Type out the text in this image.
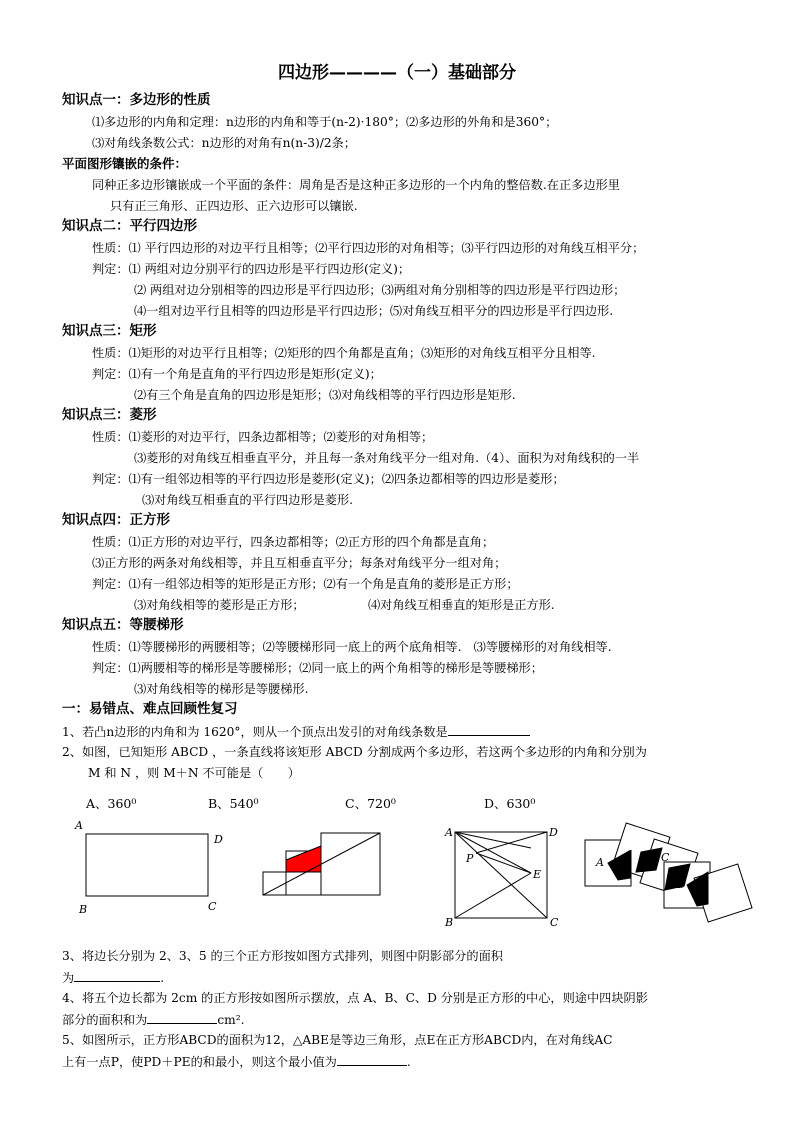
四边形————（一）基础部分
知识点一：多边形的性质
⑴多边形的内角和定理：n边形的内角和等于(n-2)·180°；⑵多边形的外角和是360°；
⑶对角线条数公式：n边形的对角有n(n-3)/2条；
平面图形镶嵌的条件：
同种正多边形镶嵌成一个平面的条件：周角是否是这种正多边形的一个内角的整倍数.在正多边形里
只有正三角形、正四边形、正六边形可以镶嵌.
知识点二：平行四边形
性质：⑴ 平行四边形的对边平行且相等；⑵平行四边形的对角相等；⑶平行四边形的对角线互相平分；
判定：⑴ 两组对边分别平行的四边形是平行四边形(定义)；
⑵ 两组对边分别相等的四边形是平行四边形；⑶两组对角分别相等的四边形是平行四边形；
⑷一组对边平行且相等的四边形是平行四边形；⑸对角线互相平分的四边形是平行四边形.
知识点三：矩形
性质：⑴矩形的对边平行且相等；⑵矩形的四个角都是直角；⑶矩形的对角线互相平分且相等.
判定：⑴有一个角是直角的平行四边形是矩形(定义)；
⑵有三个角是直角的四边形是矩形；⑶对角线相等的平行四边形是矩形.
知识点三：菱形
性质：⑴菱形的对边平行，四条边都相等；⑵菱形的对角相等；
⑶菱形的对角线互相垂直平分，并且每一条对角线平分一组对角.（4）、面积为对角线积的一半
判定：⑴有一组邻边相等的平行四边形是菱形(定义)；⑵四条边都相等的四边形是菱形；
⑶对角线互相垂直的平行四边形是菱形.
知识点四：正方形
性质：⑴正方形的对边平行，四条边都相等；⑵正方形的四个角都是直角；
⑶正方形的两条对角线相等，并且互相垂直平分；每条对角线平分一组对角；
判定：⑴有一组邻边相等的矩形是正方形；⑵有一个角是直角的菱形是正方形；
⑶对角线相等的菱形是正方形；	⑷对角线互相垂直的矩形是正方形.
知识点五：等腰梯形
性质：⑴等腰梯形的两腰相等；⑵等腰梯形同一底上的两个底角相等.　⑶等腰梯形的对角线相等.
判定：⑴两腰相等的梯形是等腰梯形；⑵同一底上的两个角相等的梯形是等腰梯形；
⑶对角线相等的梯形是等腰梯形.
一：易错点、难点回顾性复习
1、若凸n边形的内角和为 1620°，则从一个顶点出发引的对角线条数是
2、如图，已知矩形 ABCD ，一条直线将该矩形 ABCD 分割成两个多边形，若这两个多边形的内角和分别为
M 和 N ，则 M＋N 不可能是（　　）
A、360⁰	B、540⁰	C、720⁰	D、630⁰
A
D
B	C
A	D
P
E
B	C
A
B
C
D
3、将边长分别为 2、3、5 的三个正方形按如图方式排列，则图中阴影部分的面积
为	.
4、将五个边长都为 2cm 的正方形按如图所示摆放，点 A、B、C、D 分别是正方形的中心，则途中四块阴影
部分的面积和为	cm².
5、如图所示，正方形ABCD的面积为12，△ABE是等边三角形，点E在正方形ABCD内，在对角线AC
上有一点P，使PD＋PE的和最小，则这个最小值为	.
